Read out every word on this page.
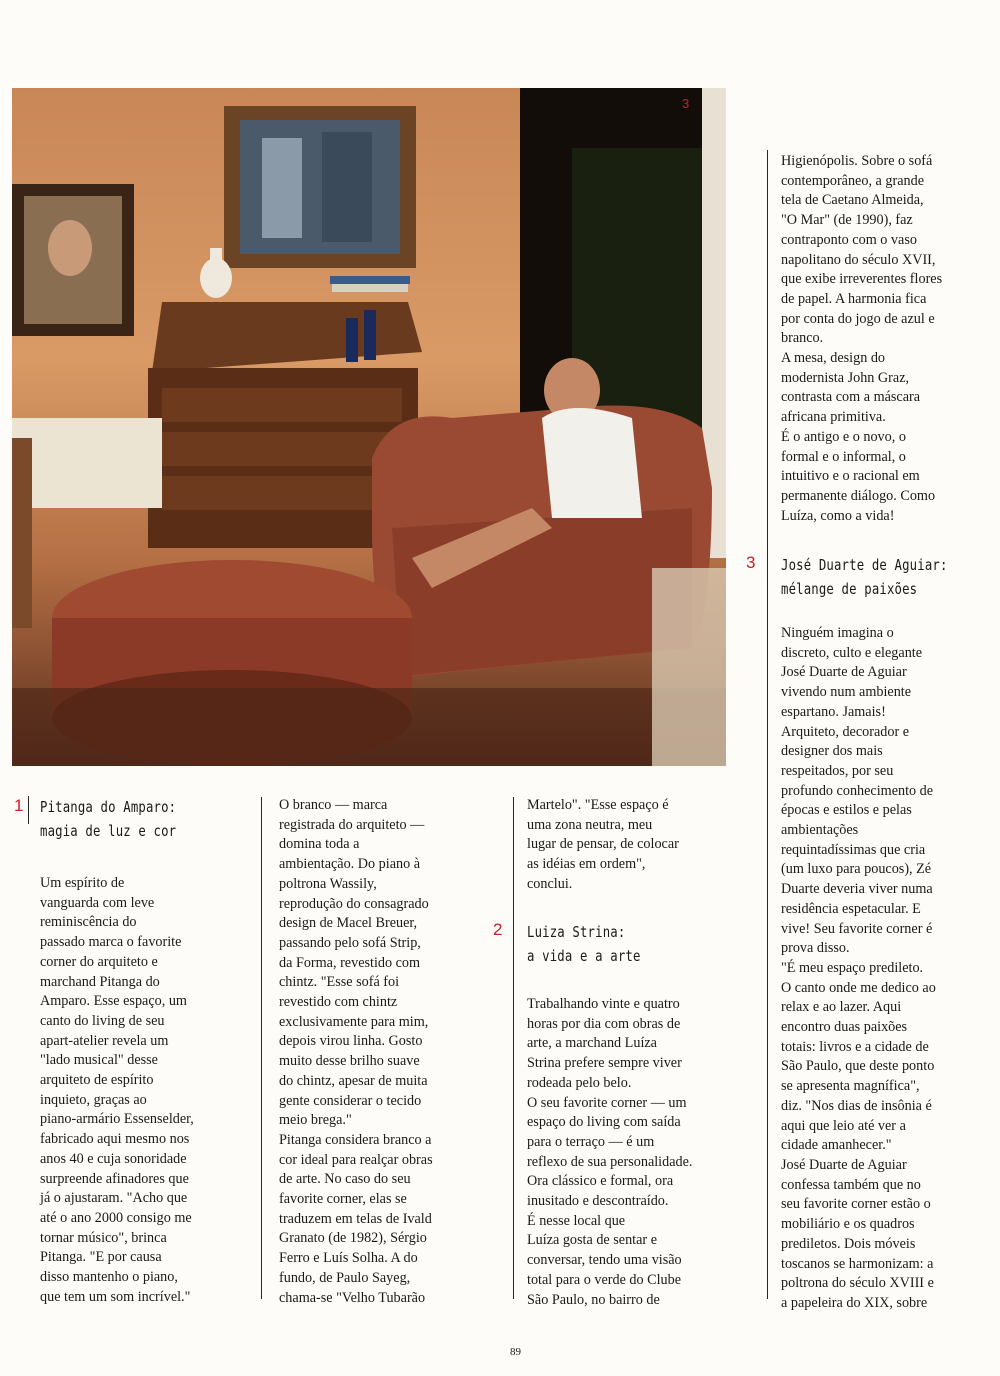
3
1 Pitanga do Amparo:
magia de luz e cor
Um espírito de
vanguarda com leve
reminiscência do
passado marca o favorite
corner do arquiteto e
marchand Pitanga do
Amparo. Esse espaço, um
canto do living de seu
apart-atelier revela um
"lado musical" desse
arquiteto de espírito
inquieto, graças ao
piano-armário Essenselder,
fabricado aqui mesmo nos
anos 40 e cuja sonoridade
surpreende afinadores que
já o ajustaram. "Acho que
até o ano 2000 consigo me
tornar músico", brinca
Pitanga. "E por causa
disso mantenho o piano,
que tem um som incrível."
O branco — marca
registrada do arquiteto —
domina toda a
ambientação. Do piano à
poltrona Wassily,
reprodução do consagrado
design de Macel Breuer,
passando pelo sofá Strip,
da Forma, revestido com
chintz. "Esse sofá foi
revestido com chintz
exclusivamente para mim,
depois virou linha. Gosto
muito desse brilho suave
do chintz, apesar de muita
gente considerar o tecido
meio brega."
Pitanga considera branco a
cor ideal para realçar obras
de arte. No caso do seu
favorite corner, elas se
traduzem em telas de Ivald
Granato (de 1982), Sérgio
Ferro e Luís Solha. A do
fundo, de Paulo Sayeg,
chama-se "Velho Tubarão
Martelo". "Esse espaço é
uma zona neutra, meu
lugar de pensar, de colocar
as idéias em ordem",
conclui.
2 Luiza Strina:
a vida e a arte
Trabalhando vinte e quatro
horas por dia com obras de
arte, a marchand Luíza
Strina prefere sempre viver
rodeada pelo belo.
O seu favorite corner — um
espaço do living com saída
para o terraço — é um
reflexo de sua personalidade.
Ora clássico e formal, ora
inusitado e descontraído.
É nesse local que
Luíza gosta de sentar e
conversar, tendo uma visão
total para o verde do Clube
São Paulo, no bairro de
Higienópolis. Sobre o sofá
contemporâneo, a grande
tela de Caetano Almeida,
"O Mar" (de 1990), faz
contraponto com o vaso
napolitano do século XVII,
que exibe irreverentes flores
de papel. A harmonia fica
por conta do jogo de azul e
branco.
A mesa, design do
modernista John Graz,
contrasta com a máscara
africana primitiva.
É o antigo e o novo, o
formal e o informal, o
intuitivo e o racional em
permanente diálogo. Como
Luíza, como a vida!
3 José Duarte de Aguiar:
mélange de paixões
Ninguém imagina o
discreto, culto e elegante
José Duarte de Aguiar
vivendo num ambiente
espartano. Jamais!
Arquiteto, decorador e
designer dos mais
respeitados, por seu
profundo conhecimento de
épocas e estilos e pelas
ambientações
requintadíssimas que cria
(um luxo para poucos), Zé
Duarte deveria viver numa
residência espetacular. E
vive! Seu favorite corner é
prova disso.
"É meu espaço predileto.
O canto onde me dedico ao
relax e ao lazer. Aqui
encontro duas paixões
totais: livros e a cidade de
São Paulo, que deste ponto
se apresenta magnífica",
diz. "Nos dias de insônia é
aqui que leio até ver a
cidade amanhecer."
José Duarte de Aguiar
confessa também que no
seu favorite corner estão o
mobiliário e os quadros
prediletos. Dois móveis
toscanos se harmonizam: a
poltrona do século XVIII e
a papeleira do XIX, sobre
89
